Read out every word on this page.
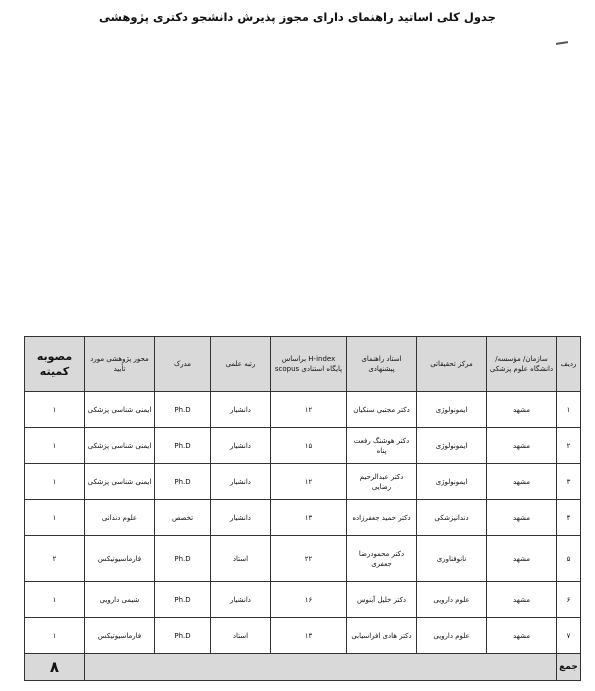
جدول کلی اساتید راهنمای دارای مجوز پذیرش دانشجو دکتری پژوهشی
ردیف	سازمان/ مؤسسه/دانشگاه علوم پزشکی	مرکز تحقیقاتی	استاد راهنمای پیشنهادی	H-index براساس پایگاه استنادی scopus	رتبه علمی	مدرک	محور پژوهشی مورد تأیید	مصوبه کمیته
۱	مشهد	ایمونولوژی	دکتر مجتبی سنکیان	۱۲	دانشیار	Ph.D	ایمنی شناسی پزشکی	۱
۲	مشهد	ایمونولوژی	دکتر هوشنگ رفعت پناه	۱۵	دانشیار	Ph.D	ایمنی شناسی پزشکی	۱
۳	مشهد	ایمونولوژی	دکتر عبدالرحیم رضایی	۱۲	دانشیار	Ph.D	ایمنی شناسی پزشکی	۱
۴	مشهد	دندانپزشکی	دکتر حمید جعفرزاده	۱۳	دانشیار	تخصص	علوم دندانی	۱
۵	مشهد	نانوفناوری	دکتر محمودرضا جعفری	۲۲	استاد	Ph.D	فارماسیوتیکس	۲
۶	مشهد	علوم دارویی	دکتر خلیل آبنوس	۱۶	دانشیار	Ph.D	شیمی دارویی	۱
۷	مشهد	علوم دارویی	دکتر هادی افراسیابی	۱۳	استاد	Ph.D	فارماسیوتیکس	۱
جمع								۸
